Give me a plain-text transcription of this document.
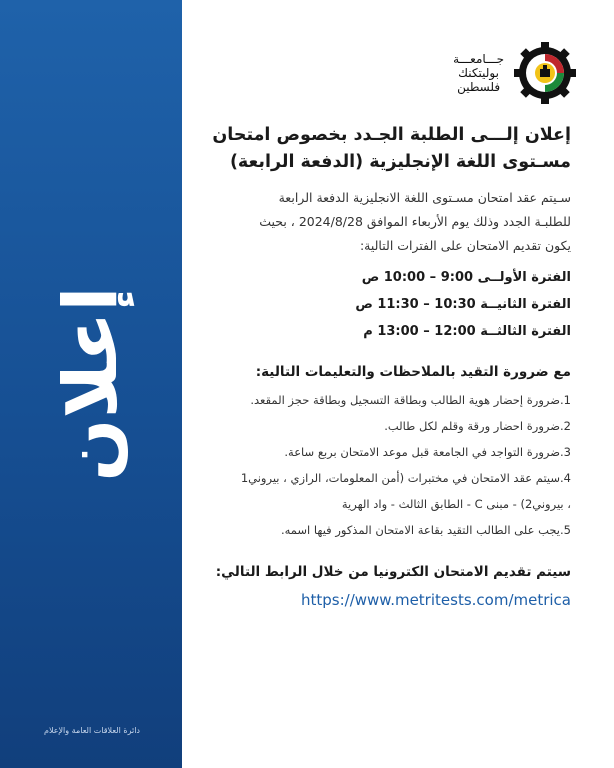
إعلان
دائرة العلاقات العامة والإعلام
جـــامعـــة
بوليتكنك
فلسطين
إعلان إلـــى الطلبة الجـدد بخصوص امتحان
مسـتوى اللغة الإنجليزية (الدفعة الرابعة)
سـيتم عقد امتحان مسـتوى اللغة الانجليزية الدفعة الرابعة
للطلبـة الجدد وذلك يوم الأربعاء الموافق 2024/8/28 ، بحيث
يكون تقديم الامتحان على الفترات التالية:
الفترة الأولــى 9:00 – 10:00 ص
الفترة الثانيــة 10:30 – 11:30 ص
الفترة الثالثــة 12:00 – 13:00 م
مع ضرورة التقيد بالملاحظات والتعليمات التالية:
1.ضرورة إحضار هوية الطالب وبطاقة التسجيل وبطاقة حجز المقعد.
2.ضرورة احضار ورقة وقلم لكل طالب.
3.ضرورة التواجد في الجامعة قبل موعد الامتحان بربع ساعة.
4.سيتم عقد الامتحان في مختبرات (أمن المعلومات، الرازي ، بيروني1
، بيروني2) - مبنى C - الطابق الثالث - واد الهرية
5.يجب على الطالب التقيد بقاعة الامتحان المذكور فيها اسمه.
سيتم تقديم الامتحان الكترونيا من خلال الرابط التالي:
https://www.metritests.com/metrica
